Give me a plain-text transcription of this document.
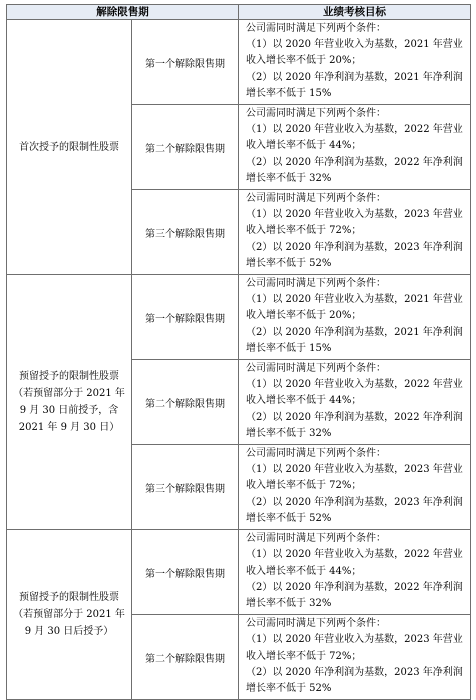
解除限售期		业绩考核目标

首次授予的限制性股票	第一个解除限售期	公司需同时满足下列两个条件：
（1）以 2020 年营业收入为基数，2021 年营业
收入增长率不低于 20%；
（2）以 2020 年净利润为基数，2021 年净利润
增长率不低于 15%

	第二个解除限售期	公司需同时满足下列两个条件：
（1）以 2020 年营业收入为基数，2022 年营业
收入增长率不低于 44%；
（2）以 2020 年净利润为基数，2022 年净利润
增长率不低于 32%

	第三个解除限售期	公司需同时满足下列两个条件：
（1）以 2020 年营业收入为基数，2023 年营业
收入增长率不低于 72%；
（2）以 2020 年净利润为基数，2023 年净利润
增长率不低于 52%

预留授予的限制性股票
（若预留部分于 2021 年
9 月 30 日前授予，含
2021 年 9 月 30 日）	第一个解除限售期	公司需同时满足下列两个条件：
（1）以 2020 年营业收入为基数，2021 年营业
收入增长率不低于 20%；
（2）以 2020 年净利润为基数，2021 年净利润
增长率不低于 15%

	第二个解除限售期	公司需同时满足下列两个条件：
（1）以 2020 年营业收入为基数，2022 年营业
收入增长率不低于 44%；
（2）以 2020 年净利润为基数，2022 年净利润
增长率不低于 32%

	第三个解除限售期	公司需同时满足下列两个条件：
（1）以 2020 年营业收入为基数，2023 年营业
收入增长率不低于 72%；
（2）以 2020 年净利润为基数，2023 年净利润
增长率不低于 52%

预留授予的限制性股票
（若预留部分于 2021 年
9 月 30 日后授予）	第一个解除限售期	公司需同时满足下列两个条件：
（1）以 2020 年营业收入为基数，2022 年营业
收入增长率不低于 44%；
（2）以 2020 年净利润为基数，2022 年净利润
增长率不低于 32%

	第二个解除限售期	公司需同时满足下列两个条件：
（1）以 2020 年营业收入为基数，2023 年营业
收入增长率不低于 72%；
（2）以 2020 年净利润为基数，2023 年净利润
增长率不低于 52%
